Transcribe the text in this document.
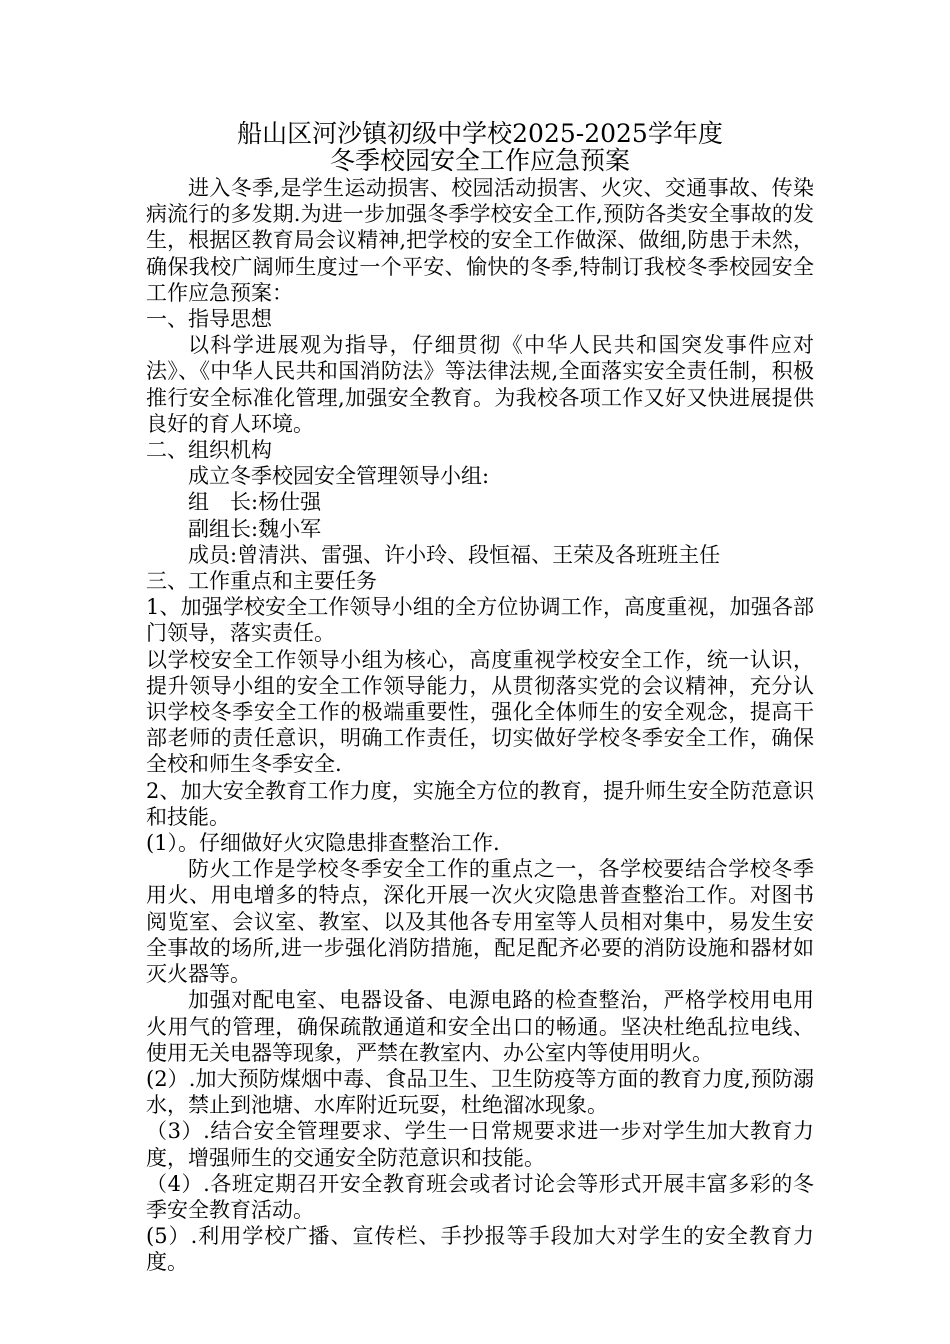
船山区河沙镇初级中学校2025-2025学年度
冬季校园安全工作应急预案

进入冬季,是学生运动损害、校园活动损害、火灾、交通事故、传染病流行的多发期.为进一步加强冬季学校安全工作,预防各类安全事故的发生，根据区教育局会议精神,把学校的安全工作做深、做细,防患于未然，确保我校广阔师生度过一个平安、愉快的冬季,特制订我校冬季校园安全工作应急预案：

一、指导思想

以科学进展观为指导，仔细贯彻《中华人民共和国突发事件应对法》、《中华人民共和国消防法》等法律法规,全面落实安全责任制，积极推行安全标准化管理,加强安全教育。为我校各项工作又好又快进展提供良好的育人环境。

二、组织机构

成立冬季校园安全管理领导小组:

组　长:杨仕强

副组长:魏小军

成员:曾清洪、雷强、许小玲、段恒福、王荣及各班班主任

三、工作重点和主要任务

1、加强学校安全工作领导小组的全方位协调工作，高度重视，加强各部门领导，落实责任。

以学校安全工作领导小组为核心，高度重视学校安全工作，统一认识，提升领导小组的安全工作领导能力，从贯彻落实党的会议精神，充分认识学校冬季安全工作的极端重要性，强化全体师生的安全观念，提高干部老师的责任意识，明确工作责任，切实做好学校冬季安全工作，确保全校和师生冬季安全.

2、加大安全教育工作力度，实施全方位的教育，提升师生安全防范意识和技能。

(1）。仔细做好火灾隐患排查整治工作.

防火工作是学校冬季安全工作的重点之一，各学校要结合学校冬季用火、用电增多的特点，深化开展一次火灾隐患普查整治工作。对图书阅览室、会议室、教室、以及其他各专用室等人员相对集中，易发生安全事故的场所,进一步强化消防措施，配足配齐必要的消防设施和器材如灭火器等。

加强对配电室、电器设备、电源电路的检查整治，严格学校用电用火用气的管理，确保疏散通道和安全出口的畅通。坚决杜绝乱拉电线、使用无关电器等现象，严禁在教室内、办公室内等使用明火。

(2）.加大预防煤烟中毒、食品卫生、卫生防疫等方面的教育力度,预防溺水，禁止到池塘、水库附近玩耍，杜绝溜冰现象。

（3）.结合安全管理要求、学生一日常规要求进一步对学生加大教育力度，增强师生的交通安全防范意识和技能。

（4）.各班定期召开安全教育班会或者讨论会等形式开展丰富多彩的冬季安全教育活动。

(5）.利用学校广播、宣传栏、手抄报等手段加大对学生的安全教育力度。
